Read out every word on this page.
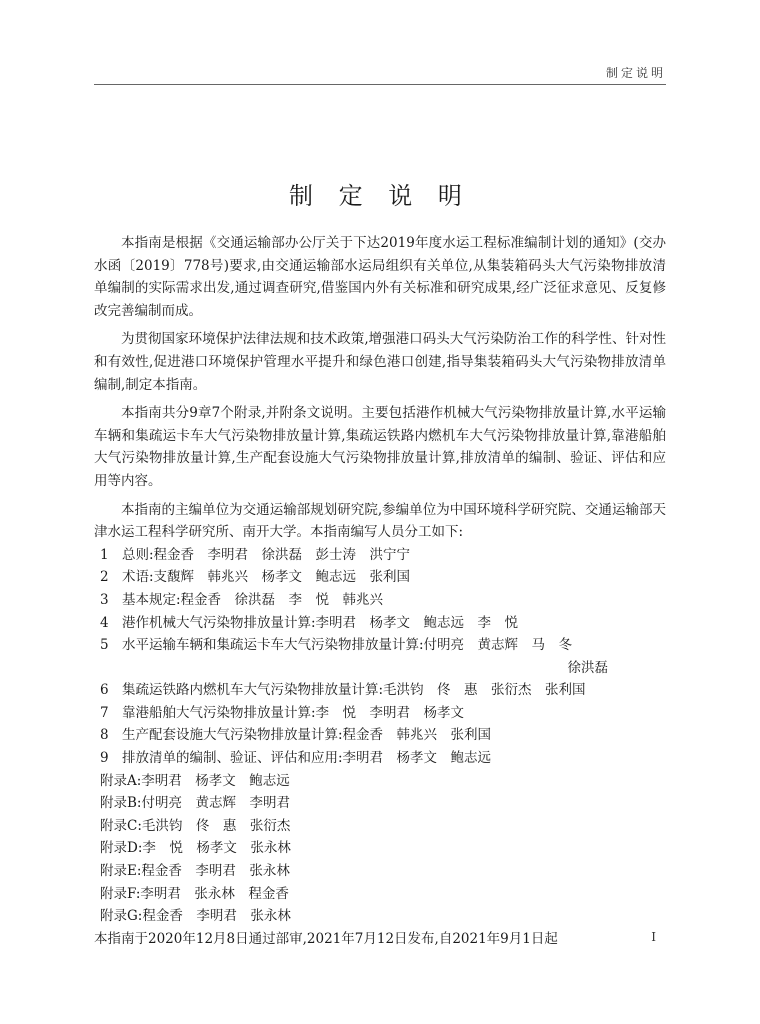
制定说明
制 定 说 明

本指南是根据《交通运输部办公厅关于下达2019年度水运工程标准编制计划的通知》(交办水函〔2019〕778号)要求,由交通运输部水运局组织有关单位,从集装箱码头大气污染物排放清单编制的实际需求出发,通过调查研究,借鉴国内外有关标准和研究成果,经广泛征求意见、反复修改完善编制而成。

为贯彻国家环境保护法律法规和技术政策,增强港口码头大气污染防治工作的科学性、针对性和有效性,促进港口环境保护管理水平提升和绿色港口创建,指导集装箱码头大气污染物排放清单编制,制定本指南。

本指南共分9章7个附录,并附条文说明。主要包括港作机械大气污染物排放量计算,水平运输车辆和集疏运卡车大气污染物排放量计算,集疏运铁路内燃机车大气污染物排放量计算,靠港船舶大气污染物排放量计算,生产配套设施大气污染物排放量计算,排放清单的编制、验证、评估和应用等内容。

本指南的主编单位为交通运输部规划研究院,参编单位为中国环境科学研究院、交通运输部天津水运工程科学研究所、南开大学。本指南编写人员分工如下:

1 总则:程金香　李明君　徐洪磊　彭士涛　洪宁宁
2 术语:支馥辉　韩兆兴　杨孝文　鲍志远　张利国
3 基本规定:程金香　徐洪磊　李　悦　韩兆兴
4 港作机械大气污染物排放量计算:李明君　杨孝文　鲍志远　李　悦
5 水平运输车辆和集疏运卡车大气污染物排放量计算:付明亮　黄志辉　马　冬
徐洪磊
6 集疏运铁路内燃机车大气污染物排放量计算:毛洪钧　佟　惠　张衍杰　张利国
7 靠港船舶大气污染物排放量计算:李　悦　李明君　杨孝文
8 生产配套设施大气污染物排放量计算:程金香　韩兆兴　张利国
9 排放清单的编制、验证、评估和应用:李明君　杨孝文　鲍志远
附录A:李明君　杨孝文　鲍志远
附录B:付明亮　黄志辉　李明君
附录C:毛洪钧　佟　惠　张衍杰
附录D:李　悦　杨孝文　张永林
附录E:程金香　李明君　张永林
附录F:李明君　张永林　程金香
附录G:程金香　李明君　张永林

本指南于2020年12月8日通过部审,2021年7月12日发布,自2021年9月1日起	I
